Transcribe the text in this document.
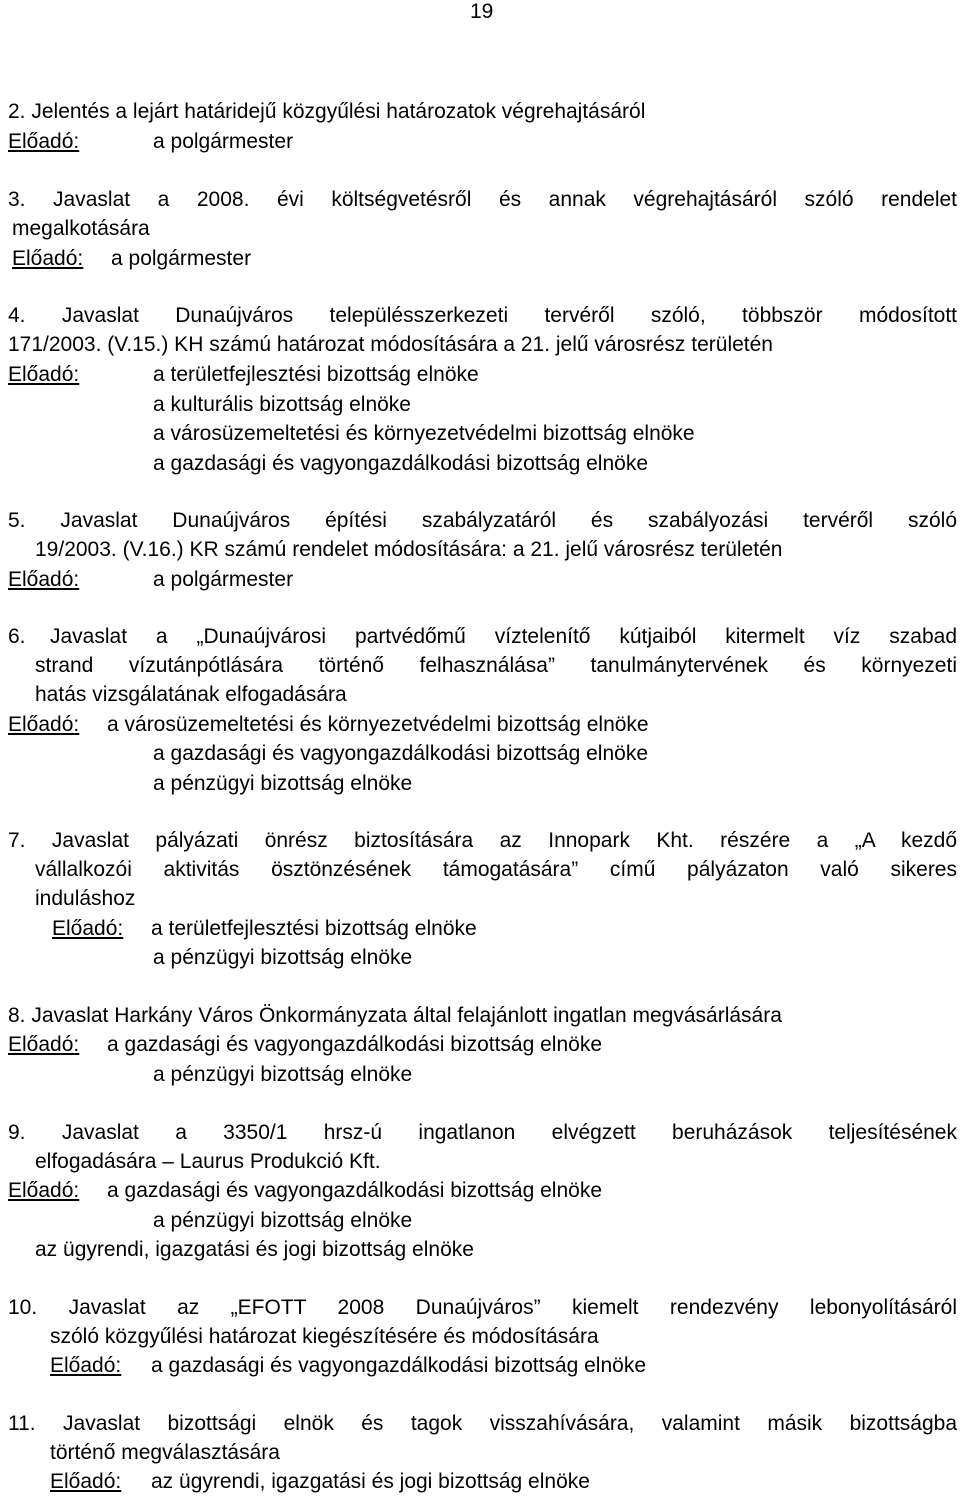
19
2. Jelentés a lejárt határidejű közgyűlési határozatok végrehajtásáról
Előadó:	a polgármester
3. Javaslat a 2008. évi költségvetésről és annak végrehajtásáról szóló rendelet
megalkotására
Előadó: a polgármester
4. Javaslat Dunaújváros településszerkezeti tervéről szóló, többször módosított
171/2003. (V.15.) KH számú határozat módosítására a 21. jelű városrész területén
Előadó:	a területfejlesztési bizottság elnöke
a kulturális bizottság elnöke
a városüzemeltetési és környezetvédelmi bizottság elnöke
a gazdasági és vagyongazdálkodási bizottság elnöke
5. Javaslat Dunaújváros építési szabályzatáról és szabályozási tervéről szóló
19/2003. (V.16.) KR számú rendelet módosítására: a 21. jelű városrész területén
Előadó:	a polgármester
6. Javaslat a „Dunaújvárosi partvédőmű víztelenítő kútjaiból kitermelt víz szabad
strand vízutánpótlására történő felhasználása” tanulmánytervének és környezeti
hatás vizsgálatának elfogadására
Előadó: a városüzemeltetési és környezetvédelmi bizottság elnöke
a gazdasági és vagyongazdálkodási bizottság elnöke
a pénzügyi bizottság elnöke
7. Javaslat pályázati önrész biztosítására az Innopark Kht. részére a „A kezdő
vállalkozói aktivitás ösztönzésének támogatására” című pályázaton való sikeres
induláshoz
Előadó: a területfejlesztési bizottság elnöke
a pénzügyi bizottság elnöke
8. Javaslat Harkány Város Önkormányzata által felajánlott ingatlan megvásárlására
Előadó: a gazdasági és vagyongazdálkodási bizottság elnöke
a pénzügyi bizottság elnöke
9. Javaslat a 3350/1 hrsz-ú ingatlanon elvégzett beruházások teljesítésének
elfogadására – Laurus Produkció Kft.
Előadó: a gazdasági és vagyongazdálkodási bizottság elnöke
a pénzügyi bizottság elnöke
az ügyrendi, igazgatási és jogi bizottság elnöke
10. Javaslat az „EFOTT 2008 Dunaújváros” kiemelt rendezvény lebonyolításáról
szóló közgyűlési határozat kiegészítésére és módosítására
Előadó: a gazdasági és vagyongazdálkodási bizottság elnöke
11. Javaslat bizottsági elnök és tagok visszahívására, valamint másik bizottságba
történő megválasztására
Előadó: az ügyrendi, igazgatási és jogi bizottság elnöke
